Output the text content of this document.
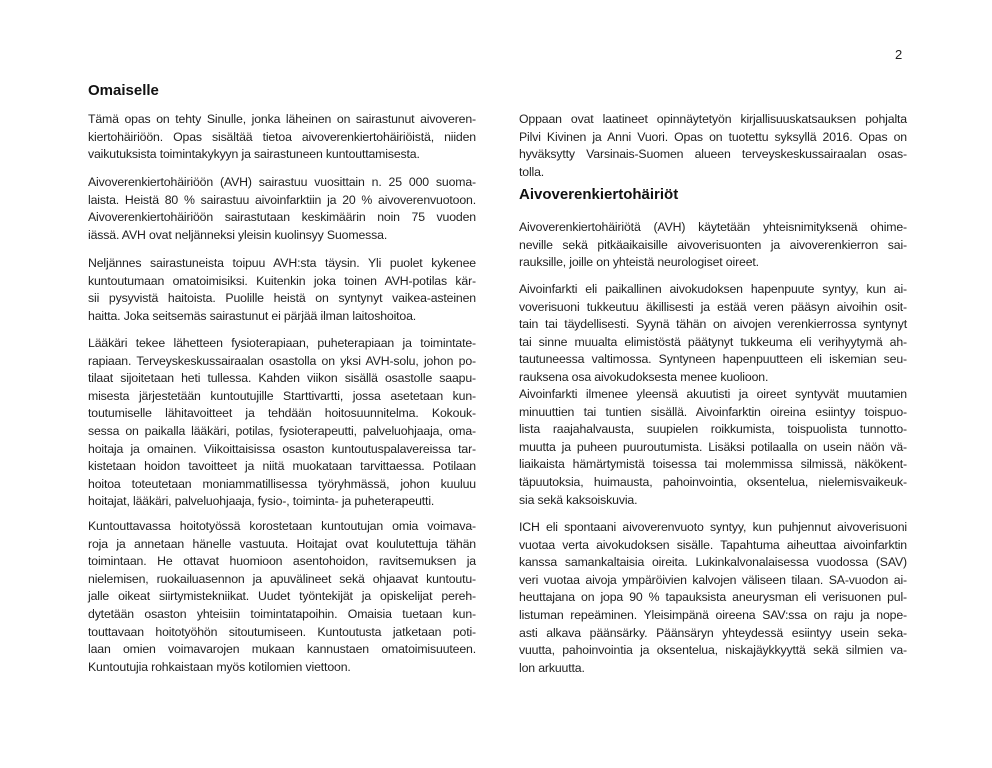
2
Omaiselle

Tämä opas on tehty Sinulle, jonka läheinen on sairastunut aivoveren-
kiertohäiriöön. Opas sisältää tietoa aivoverenkiertohäiriöistä, niiden
vaikutuksista toimintakykyyn ja sairastuneen kuntouttamisesta.

Aivoverenkiertohäiriöön (AVH) sairastuu vuosittain n. 25 000 suoma-
laista. Heistä 80 % sairastuu aivoinfarktiin ja 20 % aivoverenvuotoon.
Aivoverenkiertohäiriöön sairastutaan keskimäärin noin 75 vuoden
iässä. AVH ovat neljänneksi yleisin kuolinsyy Suomessa.

Neljännes sairastuneista toipuu AVH:sta täysin. Yli puolet kykenee
kuntoutumaan omatoimisiksi. Kuitenkin joka toinen AVH-potilas kär-
sii pysyvistä haitoista. Puolille heistä on syntynyt vaikea-asteinen
haitta. Joka seitsemäs sairastunut ei pärjää ilman laitoshoitoa.

Lääkäri tekee lähetteen fysioterapiaan, puheterapiaan ja toimintate-
rapiaan. Terveyskeskussairaalan osastolla on yksi AVH-solu, johon po-
tilaat sijoitetaan heti tullessa. Kahden viikon sisällä osastolle saapu-
misesta järjestetään kuntoutujille Starttivartti, jossa asetetaan kun-
toutumiselle lähitavoitteet ja tehdään hoitosuunnitelma. Kokouk-
sessa on paikalla lääkäri, potilas, fysioterapeutti, palveluohjaaja, oma-
hoitaja ja omainen. Viikoittaisissa osaston kuntoutuspalavereissa tar-
kistetaan hoidon tavoitteet ja niitä muokataan tarvittaessa. Potilaan
hoitoa toteutetaan moniammatillisessa työryhmässä, johon kuuluu
hoitajat, lääkäri, palveluohjaaja, fysio-, toiminta- ja puheterapeutti.

Kuntouttavassa hoitotyössä korostetaan kuntoutujan omia voimava-
roja ja annetaan hänelle vastuuta. Hoitajat ovat koulutettuja tähän
toimintaan. He ottavat huomioon asentohoidon, ravitsemuksen ja
nielemisen, ruokailuasennon ja apuvälineet sekä ohjaavat kuntoutu-
jalle oikeat siirtymistekniikat. Uudet työntekijät ja opiskelijat pereh-
dytetään osaston yhteisiin toimintatapoihin. Omaisia tuetaan kun-
touttavaan hoitotyöhön sitoutumiseen. Kuntoutusta jatketaan poti-
laan omien voimavarojen mukaan kannustaen omatoimisuuteen.
Kuntoutujia rohkaistaan myös kotilomien viettoon.

Oppaan ovat laatineet opinnäytetyön kirjallisuuskatsauksen pohjalta
Pilvi Kivinen ja Anni Vuori. Opas on tuotettu syksyllä 2016. Opas on
hyväksytty Varsinais-Suomen alueen terveyskeskussairaalan osas-
tolla.

Aivoverenkiertohäiriöt

Aivoverenkiertohäiriötä (AVH) käytetään yhteisnimityksenä ohime-
neville sekä pitkäaikaisille aivoverisuonten ja aivoverenkierron sai-
rauksille, joille on yhteistä neurologiset oireet.

Aivoinfarkti eli paikallinen aivokudoksen hapenpuute syntyy, kun ai-
voverisuoni tukkeutuu äkillisesti ja estää veren pääsyn aivoihin osit-
tain tai täydellisesti. Syynä tähän on aivojen verenkierrossa syntynyt
tai sinne muualta elimistöstä päätynyt tukkeuma eli verihyytymä ah-
tautuneessa valtimossa. Syntyneen hapenpuutteen eli iskemian seu-
rauksena osa aivokudoksesta menee kuolioon.

Aivoinfarkti ilmenee yleensä akuutisti ja oireet syntyvät muutamien
minuuttien tai tuntien sisällä. Aivoinfarktin oireina esiintyy toispuo-
lista raajahalvausta, suupielen roikkumista, toispuolista tunnotto-
muutta ja puheen puuroutumista. Lisäksi potilaalla on usein näön vä-
liaikaista hämärtymistä toisessa tai molemmissa silmissä, näkökent-
täpuutoksia, huimausta, pahoinvointia, oksentelua, nielemisvaikeuk-
sia sekä kaksoiskuvia.

ICH eli spontaani aivoverenvuoto syntyy, kun puhjennut aivoverisuoni
vuotaa verta aivokudoksen sisälle. Tapahtuma aiheuttaa aivoinfarktin
kanssa samankaltaisia oireita. Lukinkalvonalaisessa vuodossa (SAV)
veri vuotaa aivoja ympäröivien kalvojen väliseen tilaan. SA-vuodon ai-
heuttajana on jopa 90 % tapauksista aneurysman eli verisuonen pul-
listuman repeäminen. Yleisimpänä oireena SAV:ssa on raju ja nope-
asti alkava päänsärky. Päänsäryn yhteydessä esiintyy usein seka-
vuutta, pahoinvointia ja oksentelua, niskajäykkyyttä sekä silmien va-
lon arkuutta.
